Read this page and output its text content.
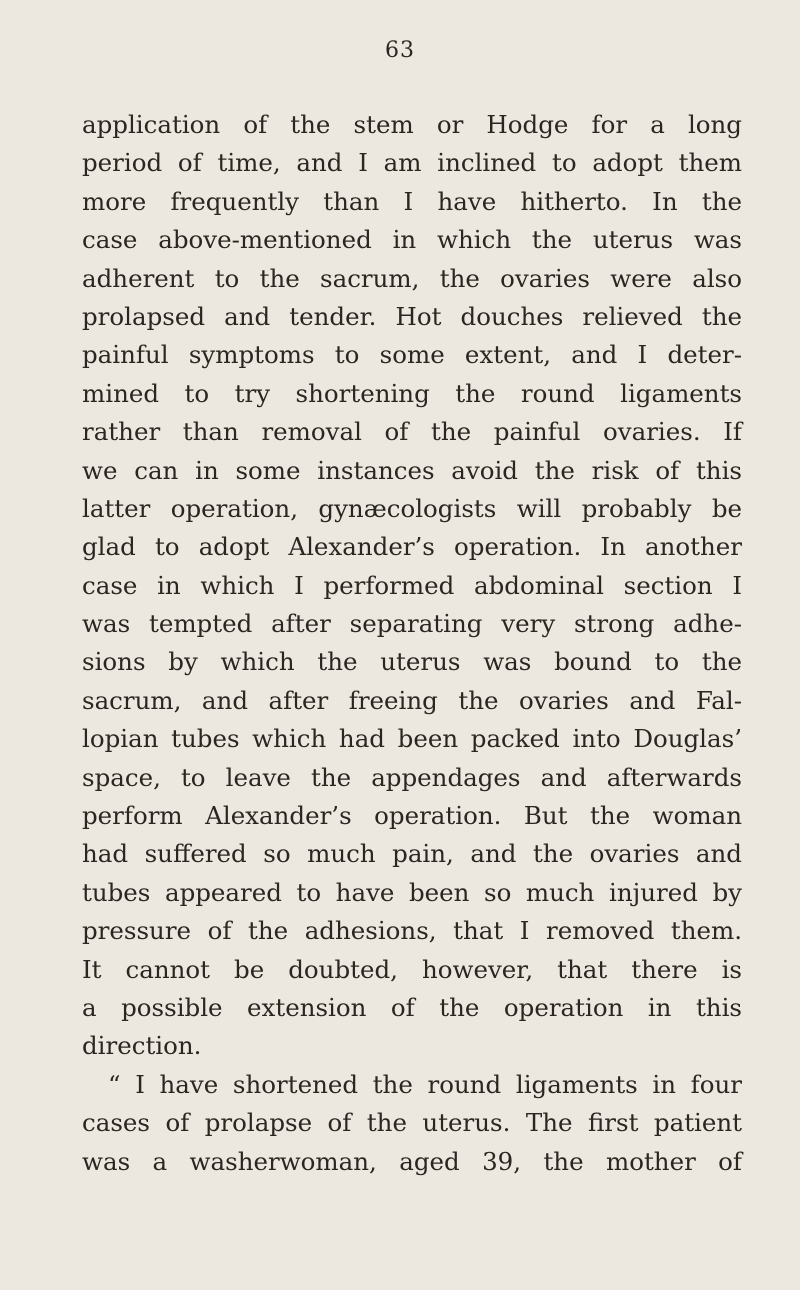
63
application of the stem or Hodge for a long
period of time, and I am inclined to adopt them
more frequently than I have hitherto. In the
case above-mentioned in which the uterus was
adherent to the sacrum, the ovaries were also
prolapsed and tender. Hot douches relieved the
painful symptoms to some extent, and I deter-
mined to try shortening the round ligaments
rather than removal of the painful ovaries. If
we can in some instances avoid the risk of this
latter operation, gynæcologists will probably be
glad to adopt Alexander’s operation. In another
case in which I performed abdominal section I
was tempted after separating very strong adhe-
sions by which the uterus was bound to the
sacrum, and after freeing the ovaries and Fal-
lopian tubes which had been packed into Douglas’
space, to leave the appendages and afterwards
perform Alexander’s operation. But the woman
had suffered so much pain, and the ovaries and
tubes appeared to have been so much injured by
pressure of the adhesions, that I removed them.
It cannot be doubted, however, that there is
a possible extension of the operation in this
direction.
“ I have shortened the round ligaments in four
cases of prolapse of the uterus. The first patient
was a washerwoman, aged 39, the mother of
